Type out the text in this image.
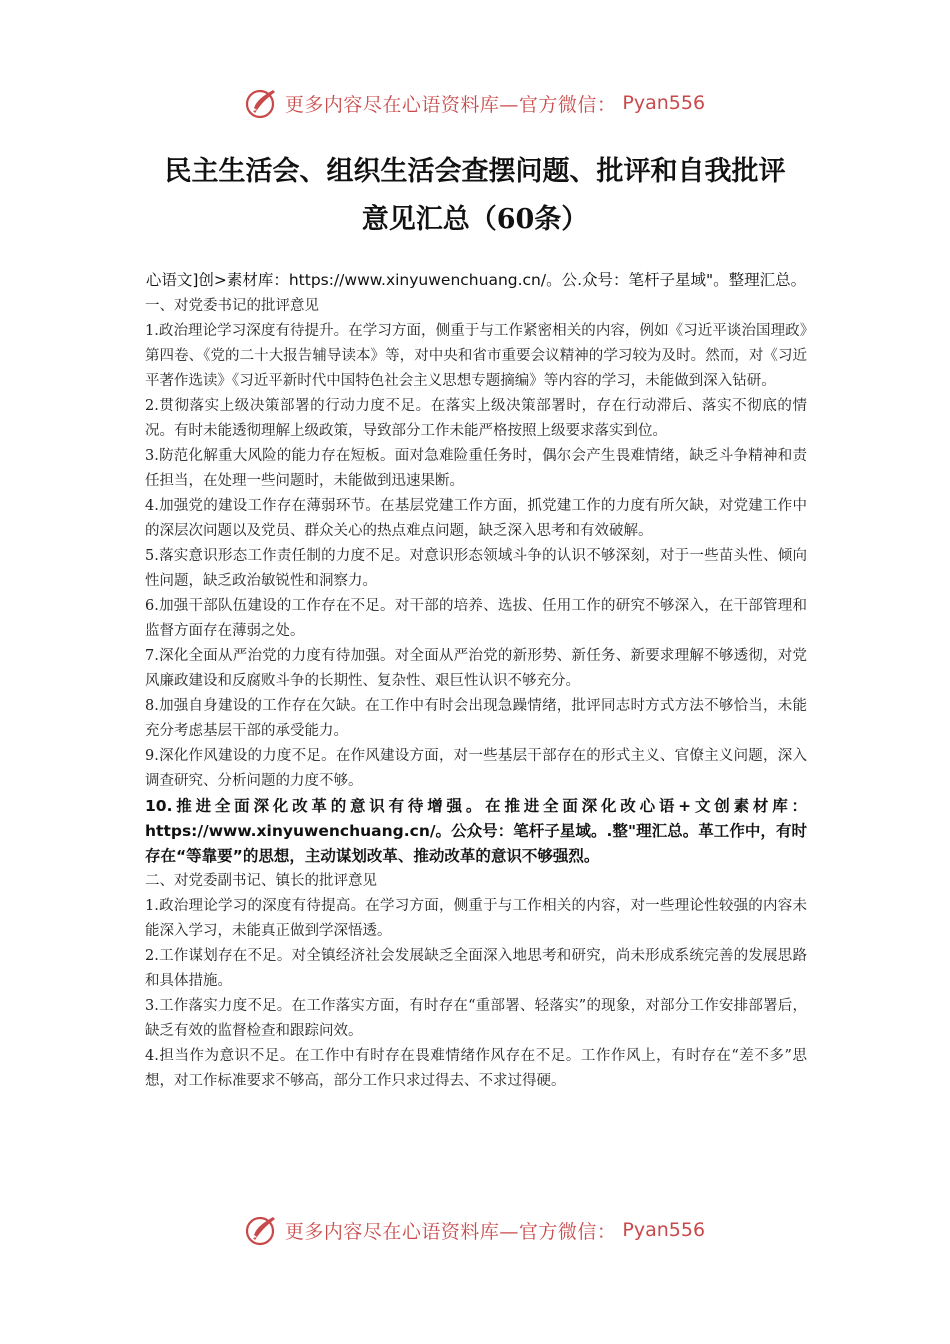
更多内容尽在心语资料库—官方微信： Pyan556
民主生活会、组织生活会查摆问题、批评和自我批评
意见汇总（60条）

心语文]创>素材库：https://www.xinyuwenchuang.cn/。公.众号：笔杆子星域"。整理汇总。

一、对党委书记的批评意见

1.政治理论学习深度有待提升。在学习方面，侧重于与工作紧密相关的内容，例如《习近平谈治国理政》第四卷、《党的二十大报告辅导读本》等，对中央和省市重要会议精神的学习较为及时。然而，对《习近平著作选读》《习近平新时代中国特色社会主义思想专题摘编》等内容的学习，未能做到深入钻研。

2.贯彻落实上级决策部署的行动力度不足。在落实上级决策部署时，存在行动滞后、落实不彻底的情况。有时未能透彻理解上级政策，导致部分工作未能严格按照上级要求落实到位。

3.防范化解重大风险的能力存在短板。面对急难险重任务时，偶尔会产生畏难情绪，缺乏斗争精神和责任担当，在处理一些问题时，未能做到迅速果断。

4.加强党的建设工作存在薄弱环节。在基层党建工作方面，抓党建工作的力度有所欠缺，对党建工作中的深层次问题以及党员、群众关心的热点难点问题，缺乏深入思考和有效破解。

5.落实意识形态工作责任制的力度不足。对意识形态领域斗争的认识不够深刻，对于一些苗头性、倾向性问题，缺乏政治敏锐性和洞察力。

6.加强干部队伍建设的工作存在不足。对干部的培养、选拔、任用工作的研究不够深入，在干部管理和监督方面存在薄弱之处。

7.深化全面从严治党的力度有待加强。对全面从严治党的新形势、新任务、新要求理解不够透彻，对党风廉政建设和反腐败斗争的长期性、复杂性、艰巨性认识不够充分。

8.加强自身建设的工作存在欠缺。在工作中有时会出现急躁情绪，批评同志时方式方法不够恰当，未能充分考虑基层干部的承受能力。

9.深化作风建设的力度不足。在作风建设方面，对一些基层干部存在的形式主义、官僚主义问题，深入调查研究、分析问题的力度不够。

10.推进全面深化改革的意识有待增强。在推进全面深化改心语+文创素材库：https://www.xinyuwenchuang.cn/。公众号：笔杆子星域。.整"理汇总。革工作中，有时存在“等靠要”的思想，主动谋划改革、推动改革的意识不够强烈。

二、对党委副书记、镇长的批评意见

1.政治理论学习的深度有待提高。在学习方面，侧重于与工作相关的内容，对一些理论性较强的内容未能深入学习，未能真正做到学深悟透。

2.工作谋划存在不足。对全镇经济社会发展缺乏全面深入地思考和研究，尚未形成系统完善的发展思路和具体措施。

3.工作落实力度不足。在工作落实方面，有时存在“重部署、轻落实”的现象，对部分工作安排部署后，缺乏有效的监督检查和跟踪问效。

4.担当作为意识不足。在工作中有时存在畏难情绪作风存在不足。工作作风上，有时存在“差不多”思想，对工作标准要求不够高，部分工作只求过得去、不求过得硬。

更多内容尽在心语资料库—官方微信： Pyan556
